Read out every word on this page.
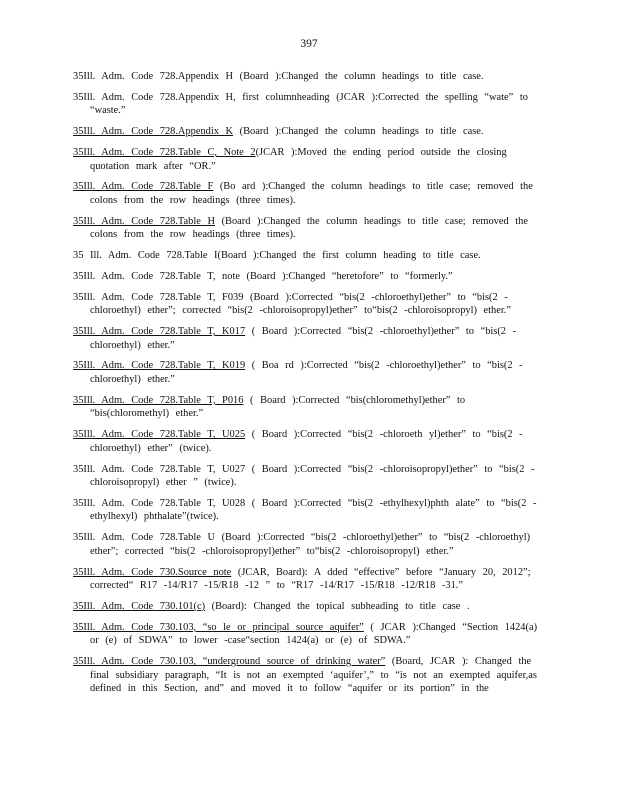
397

35Ill. Adm. Code 728.Appendix H (Board ):Changed the column headings to title case.

35Ill. Adm. Code 728.Appendix H, first columnheading (JCAR ):Corrected the spelling “wate” to “waste.”

35Ill. Adm. Code 728.Appendix K (Board ):Changed the column headings to title case.

35Ill. Adm. Code 728.Table C, Note 2(JCAR ):Moved the ending period outside the closing quotation mark after “OR.”

35Ill. Adm. Code 728.Table F (Bo ard ):Changed the column headings to title case; removed the colons from the row headings (three times).

35Ill. Adm. Code 728.Table H (Board ):Changed the column headings to title case; removed the colons from the row headings (three times).

35 Ill. Adm. Code 728.Table I(Board ):Changed the first column heading to title case.

35Ill. Adm. Code 728.Table T, note (Board ):Changed “heretofore” to “formerly.”

35Ill. Adm. Code 728.Table T, F039 (Board ):Corrected “bis(2 -chloroethyl)ether” to “bis(2 -chloroethyl) ether”; corrected “bis(2 -chloroisopropyl)ether” to“bis(2 -chloroisopropyl) ether.”

35Ill. Adm. Code 728.Table T, K017 ( Board ):Corrected “bis(2 -chloroethyl)ether” to “bis(2 -chloroethyl) ether.”

35Ill. Adm. Code 728.Table T, K019 ( Boa rd ):Corrected “bis(2 -chloroethyl)ether” to “bis(2 -chloroethyl) ether.”

35Ill. Adm. Code 728.Table T, P016 ( Board ):Corrected “bis(chloromethyl)ether” to “bis(chloromethyl) ether.”

35Ill. Adm. Code 728.Table T, U025 ( Board ):Corrected “bis(2 -chloroeth yl)ether” to “bis(2 -chloroethyl) ether” (twice).

35Ill. Adm. Code 728.Table T, U027 ( Board ):Corrected “bis(2 -chloroisopropyl)ether” to “bis(2 -chloroisopropyl) ether ” (twice).

35Ill. Adm. Code 728.Table T, U028 ( Board ):Corrected “bis(2 -ethylhexyl)phth alate” to “bis(2 -ethylhexyl) phthalate”(twice).

35Ill. Adm. Code 728.Table U (Board ):Corrected “bis(2 -chloroethyl)ether” to “bis(2 -chloroethyl) ether”; corrected “bis(2 -chloroisopropyl)ether” to“bis(2 -chloroisopropyl) ether.”

35Ill. Adm. Code 730.Source note (JCAR, Board): A dded “effective” before “January 20, 2012”; corrected“ R17 -14/R17 -15/R18 -12 ” to “R17 -14/R17 -15/R18 -12/R18 -31.”

35Ill. Adm. Code 730.101(c) (Board): Changed the topical subheading to title case .

35Ill. Adm. Code 730.103, “so le or principal source aquifer” ( JCAR ):Changed “Section 1424(a) or (e) of SDWA” to lower -case“section 1424(a) or (e) of SDWA.”

35Ill. Adm. Code 730.103, “underground source of drinking water” (Board, JCAR ): Changed the final subsidiary paragraph, “It is not an exempted ‘aquifer’,” to “is not an exempted aquifer,as defined in this Section, and” and moved it to follow “aquifer or its portion” in the
